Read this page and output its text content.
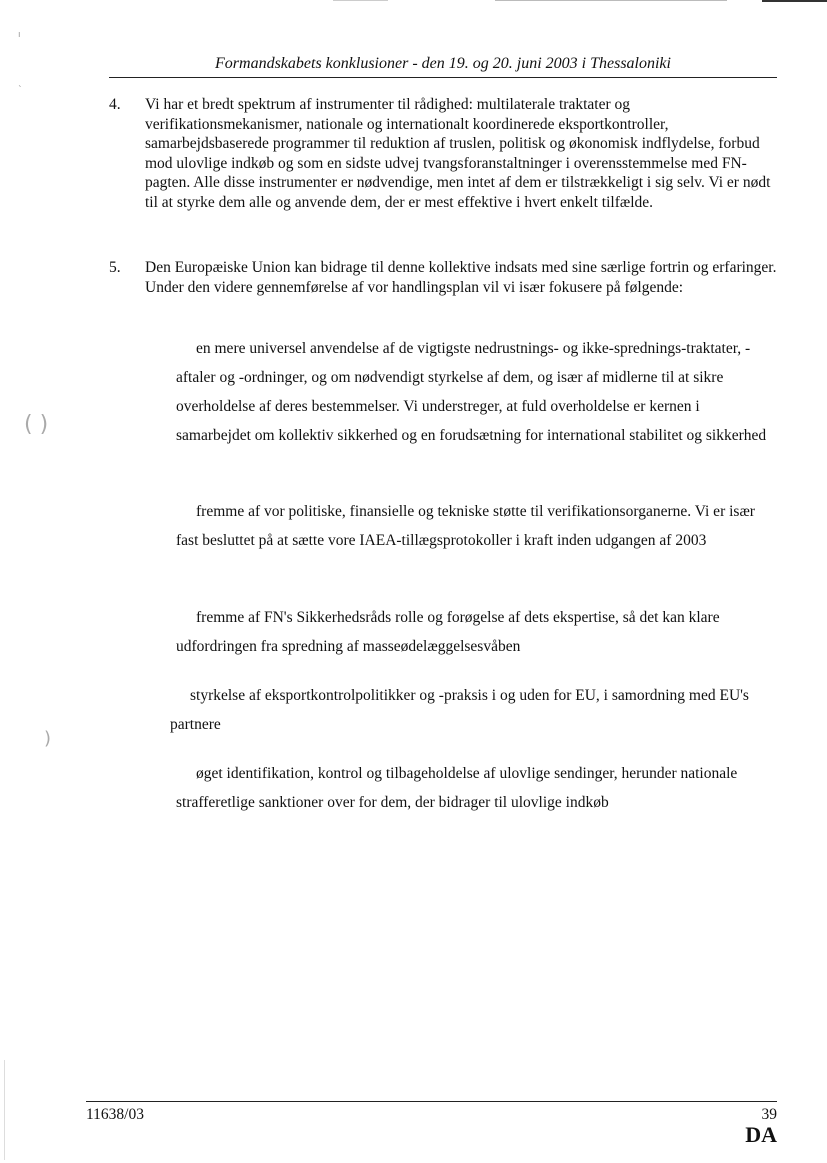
ı
ˎ
( )
)
Formandskabets konklusioner - den 19. og 20. juni 2003 i Thessaloniki
4. Vi har et bredt spektrum af instrumenter til rådighed: multilaterale traktater og verifikationsmekanismer, nationale og internationalt koordinerede eksportkontroller, samarbejdsbaserede programmer til reduktion af truslen, politisk og økonomisk indflydelse, forbud mod ulovlige indkøb og som en sidste udvej tvangsforanstaltninger i overensstemmelse med FN-pagten. Alle disse instrumenter er nødvendige, men intet af dem er tilstrækkeligt i sig selv. Vi er nødt til at styrke dem alle og anvende dem, der er mest effektive i hvert enkelt tilfælde.
5. Den Europæiske Union kan bidrage til denne kollektive indsats med sine særlige fortrin og erfaringer. Under den videre gennemførelse af vor handlingsplan vil vi især fokusere på følgende:
en mere universel anvendelse af de vigtigste nedrustnings- og ikke-sprednings-traktater, -aftaler og -ordninger, og om nødvendigt styrkelse af dem, og især af midlerne til at sikre overholdelse af deres bestemmelser. Vi understreger, at fuld overholdelse er kernen i samarbejdet om kollektiv sikkerhed og en forudsætning for international stabilitet og sikkerhed
fremme af vor politiske, finansielle og tekniske støtte til verifikationsorganerne. Vi er især fast besluttet på at sætte vore IAEA-tillægsprotokoller i kraft inden udgangen af 2003
fremme af FN's Sikkerhedsråds rolle og forøgelse af dets ekspertise, så det kan klare udfordringen fra spredning af masseødelæggelsesvåben
styrkelse af eksportkontrolpolitikker og -praksis i og uden for EU, i samordning med EU's partnere
øget identifikation, kontrol og tilbageholdelse af ulovlige sendinger, herunder nationale strafferetlige sanktioner over for dem, der bidrager til ulovlige indkøb
11638/03	39
DA
